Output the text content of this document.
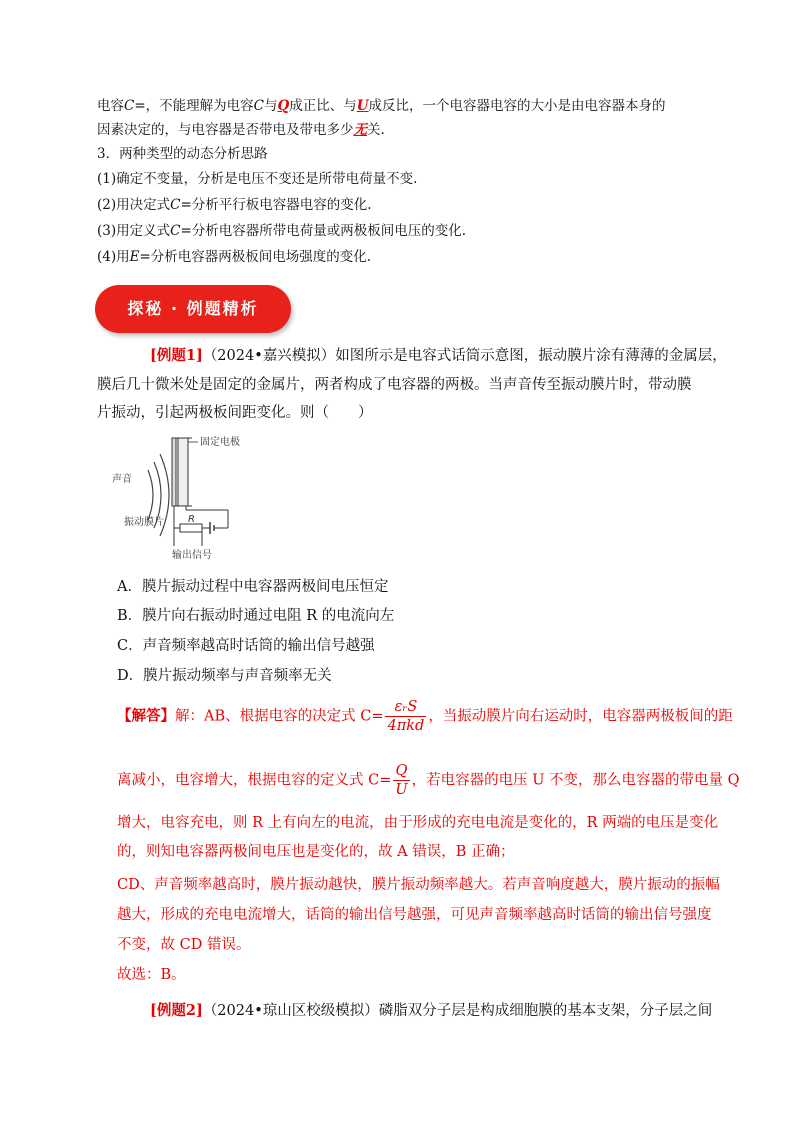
电容C=，不能理解为电容C与Q成正比、与U成反比，一个电容器电容的大小是由电容器本身的
因素决定的，与电容器是否带电及带电多少无关.
3．两种类型的动态分析思路
(1)确定不变量，分析是电压不变还是所带电荷量不变.
(2)用决定式C=分析平行板电容器电容的变化.
(3)用定义式C=分析电容器所带电荷量或两极板间电压的变化.
(4)用E=分析电容器两极板间电场强度的变化.
探秘 · 例题精析
[例题1]（2024•嘉兴模拟）如图所示是电容式话筒示意图，振动膜片涂有薄薄的金属层，
膜后几十微米处是固定的金属片，两者构成了电容器的两极。当声音传至振动膜片时，带动膜
片振动，引起两极板间距变化。则（　　）
固定电极
声音
振动膜片 R
输出信号
A．膜片振动过程中电容器两极间电压恒定
B．膜片向右振动时通过电阻 R 的电流向左
C．声音频率越高时话筒的输出信号越强
D．膜片振动频率与声音频率无关
【解答】解：AB、根据电容的决定式 $C= \frac{\text{εᵣS}}{\text{4πkd}}$ ，当振动膜片向右运动时，电容器两极板间的距
离减小，电容增大，根据电容的定义式 $C= \frac{Q}{U}$ ，若电容器的电压 U 不变，那么电容器的带电量 Q
增大，电容充电，则 R 上有向左的电流，由于形成的充电电流是变化的，R 两端的电压是变化
的，则知电容器两极间电压也是变化的，故 A 错误，B 正确；
CD、声音频率越高时，膜片振动越快，膜片振动频率越大。若声音响度越大，膜片振动的振幅
越大，形成的充电电流增大，话筒的输出信号越强，可见声音频率越高时话筒的输出信号强度
不变，故 CD 错误。
故选：B。
[例题2]（2024•琼山区校级模拟）磷脂双分子层是构成细胞膜的基本支架，分子层之间
